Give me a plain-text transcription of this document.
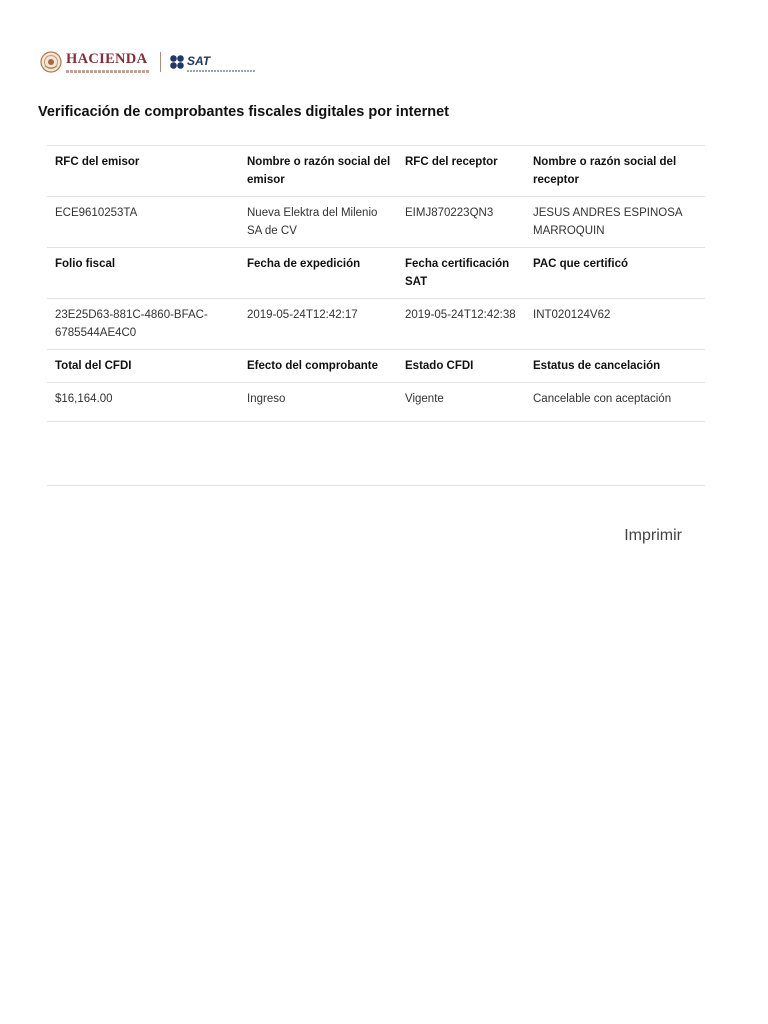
HACIENDA	SAT
Verificación de comprobantes fiscales digitales por internet
RFC del emisor	Nombre o razón social del emisor	RFC del receptor	Nombre o razón social del receptor
ECE9610253TA	Nueva Elektra del Milenio SA de CV	EIMJ870223QN3	JESUS ANDRES ESPINOSA MARROQUIN
Folio fiscal	Fecha de expedición	Fecha certificación SAT	PAC que certificó
23E25D63-881C-4860-BFAC-6785544AE4C0	2019-05-24T12:42:17	2019-05-24T12:42:38	INT020124V62
Total del CFDI	Efecto del comprobante	Estado CFDI	Estatus de cancelación
$16,164.00	Ingreso	Vigente	Cancelable con aceptación
Imprimir
